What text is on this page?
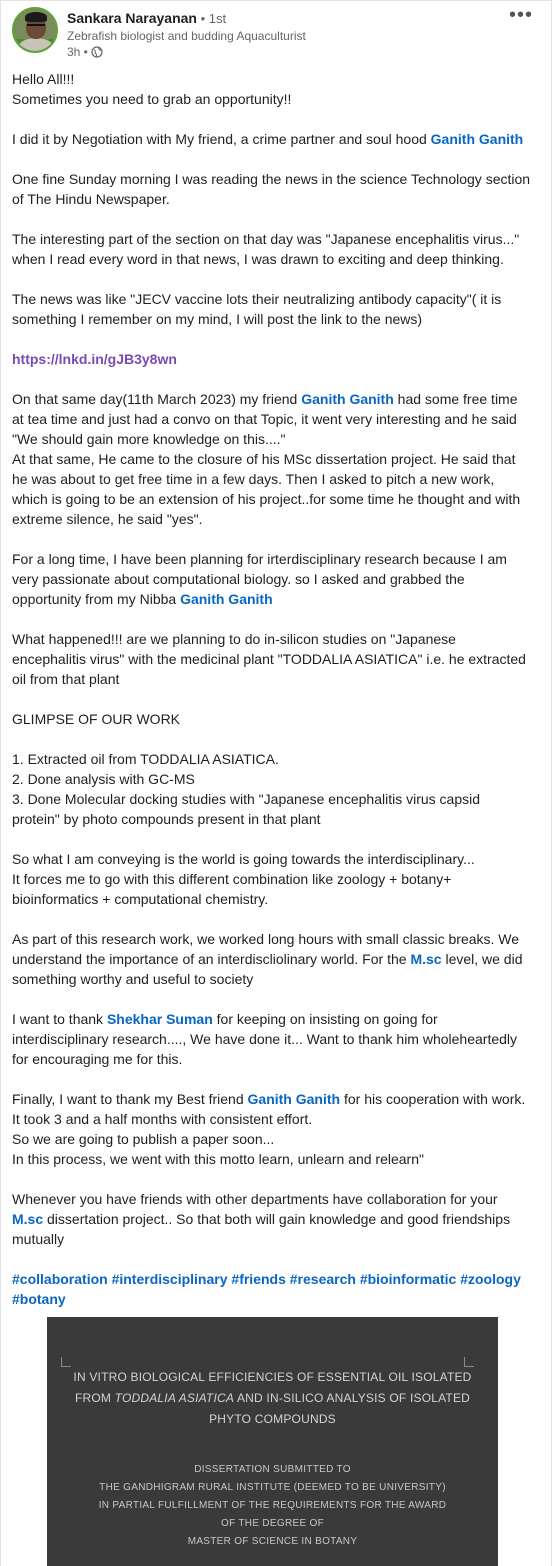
Sankara Narayanan • 1st
Zebrafish biologist and budding Aquaculturist
3h •
•••
Hello All!!!
Sometimes you need to grab an opportunity!!
I did it by Negotiation with My friend, a crime partner and soul hood Ganith Ganith
One fine Sunday morning I was reading the news in the science Technology section
of The Hindu Newspaper.
The interesting part of the section on that day was "Japanese encephalitis virus..."
when I read every word in that news, I was drawn to exciting and deep thinking.
The news was like "JECV vaccine lots their neutralizing antibody capacity"( it is
something I remember on my mind, I will post the link to the news)
https://lnkd.in/gJB3y8wn
On that same day(11th March 2023) my friend Ganith Ganith had some free time
at tea time and just had a convo on that Topic, it went very interesting and he said
"We should gain more knowledge on this...."
At that same, He came to the closure of his MSc dissertation project. He said that
he was about to get free time in a few days. Then I asked to pitch a new work,
which is going to be an extension of his project..for some time he thought and with
extreme silence, he said "yes".
For a long time, I have been planning for irterdisciplinary research because I am
very passionate about computational biology. so I asked and grabbed the
opportunity from my Nibba Ganith Ganith
What happened!!! are we planning to do in-silicon studies on "Japanese
encephalitis virus" with the medicinal plant "TODDALIA ASIATICA" i.e. he extracted
oil from that plant
GLIMPSE OF OUR WORK
1. Extracted oil from TODDALIA ASIATICA.
2. Done analysis with GC-MS
3. Done Molecular docking studies with "Japanese encephalitis virus capsid
protein" by photo compounds present in that plant
So what I am conveying is the world is going towards the interdisciplinary...
It forces me to go with this different combination like zoology + botany+
bioinformatics + computational chemistry.
As part of this research work, we worked long hours with small classic breaks. We
understand the importance of an interdiscliolinary world. For the M.sc level, we did
something worthy and useful to society
I want to thank Shekhar Suman for keeping on insisting on going for
interdisciplinary research...., We have done it... Want to thank him wholeheartedly
for encouraging me for this.
Finally, I want to thank my Best friend Ganith Ganith for his cooperation with work.
It took 3 and a half months with consistent effort.
So we are going to publish a paper soon...
In this process, we went with this motto learn, unlearn and relearn"
Whenever you have friends with other departments have collaboration for your
M.sc dissertation project.. So that both will gain knowledge and good friendships
mutually
#collaboration #interdisciplinary #friends #research #bioinformatic #zoology
#botany
IN VITRO BIOLOGICAL EFFICIENCIES OF ESSENTIAL OIL ISOLATED
FROM TODDALIA ASIATICA AND IN-SILICO ANALYSIS OF ISOLATED
PHYTO COMPOUNDS
DISSERTATION SUBMITTED TO
THE GANDHIGRAM RURAL INSTITUTE (DEEMED TO BE UNIVERSITY)
IN PARTIAL FULFILLMENT OF THE REQUIREMENTS FOR THE AWARD
OF THE DEGREE OF
MASTER OF SCIENCE IN BOTANY
